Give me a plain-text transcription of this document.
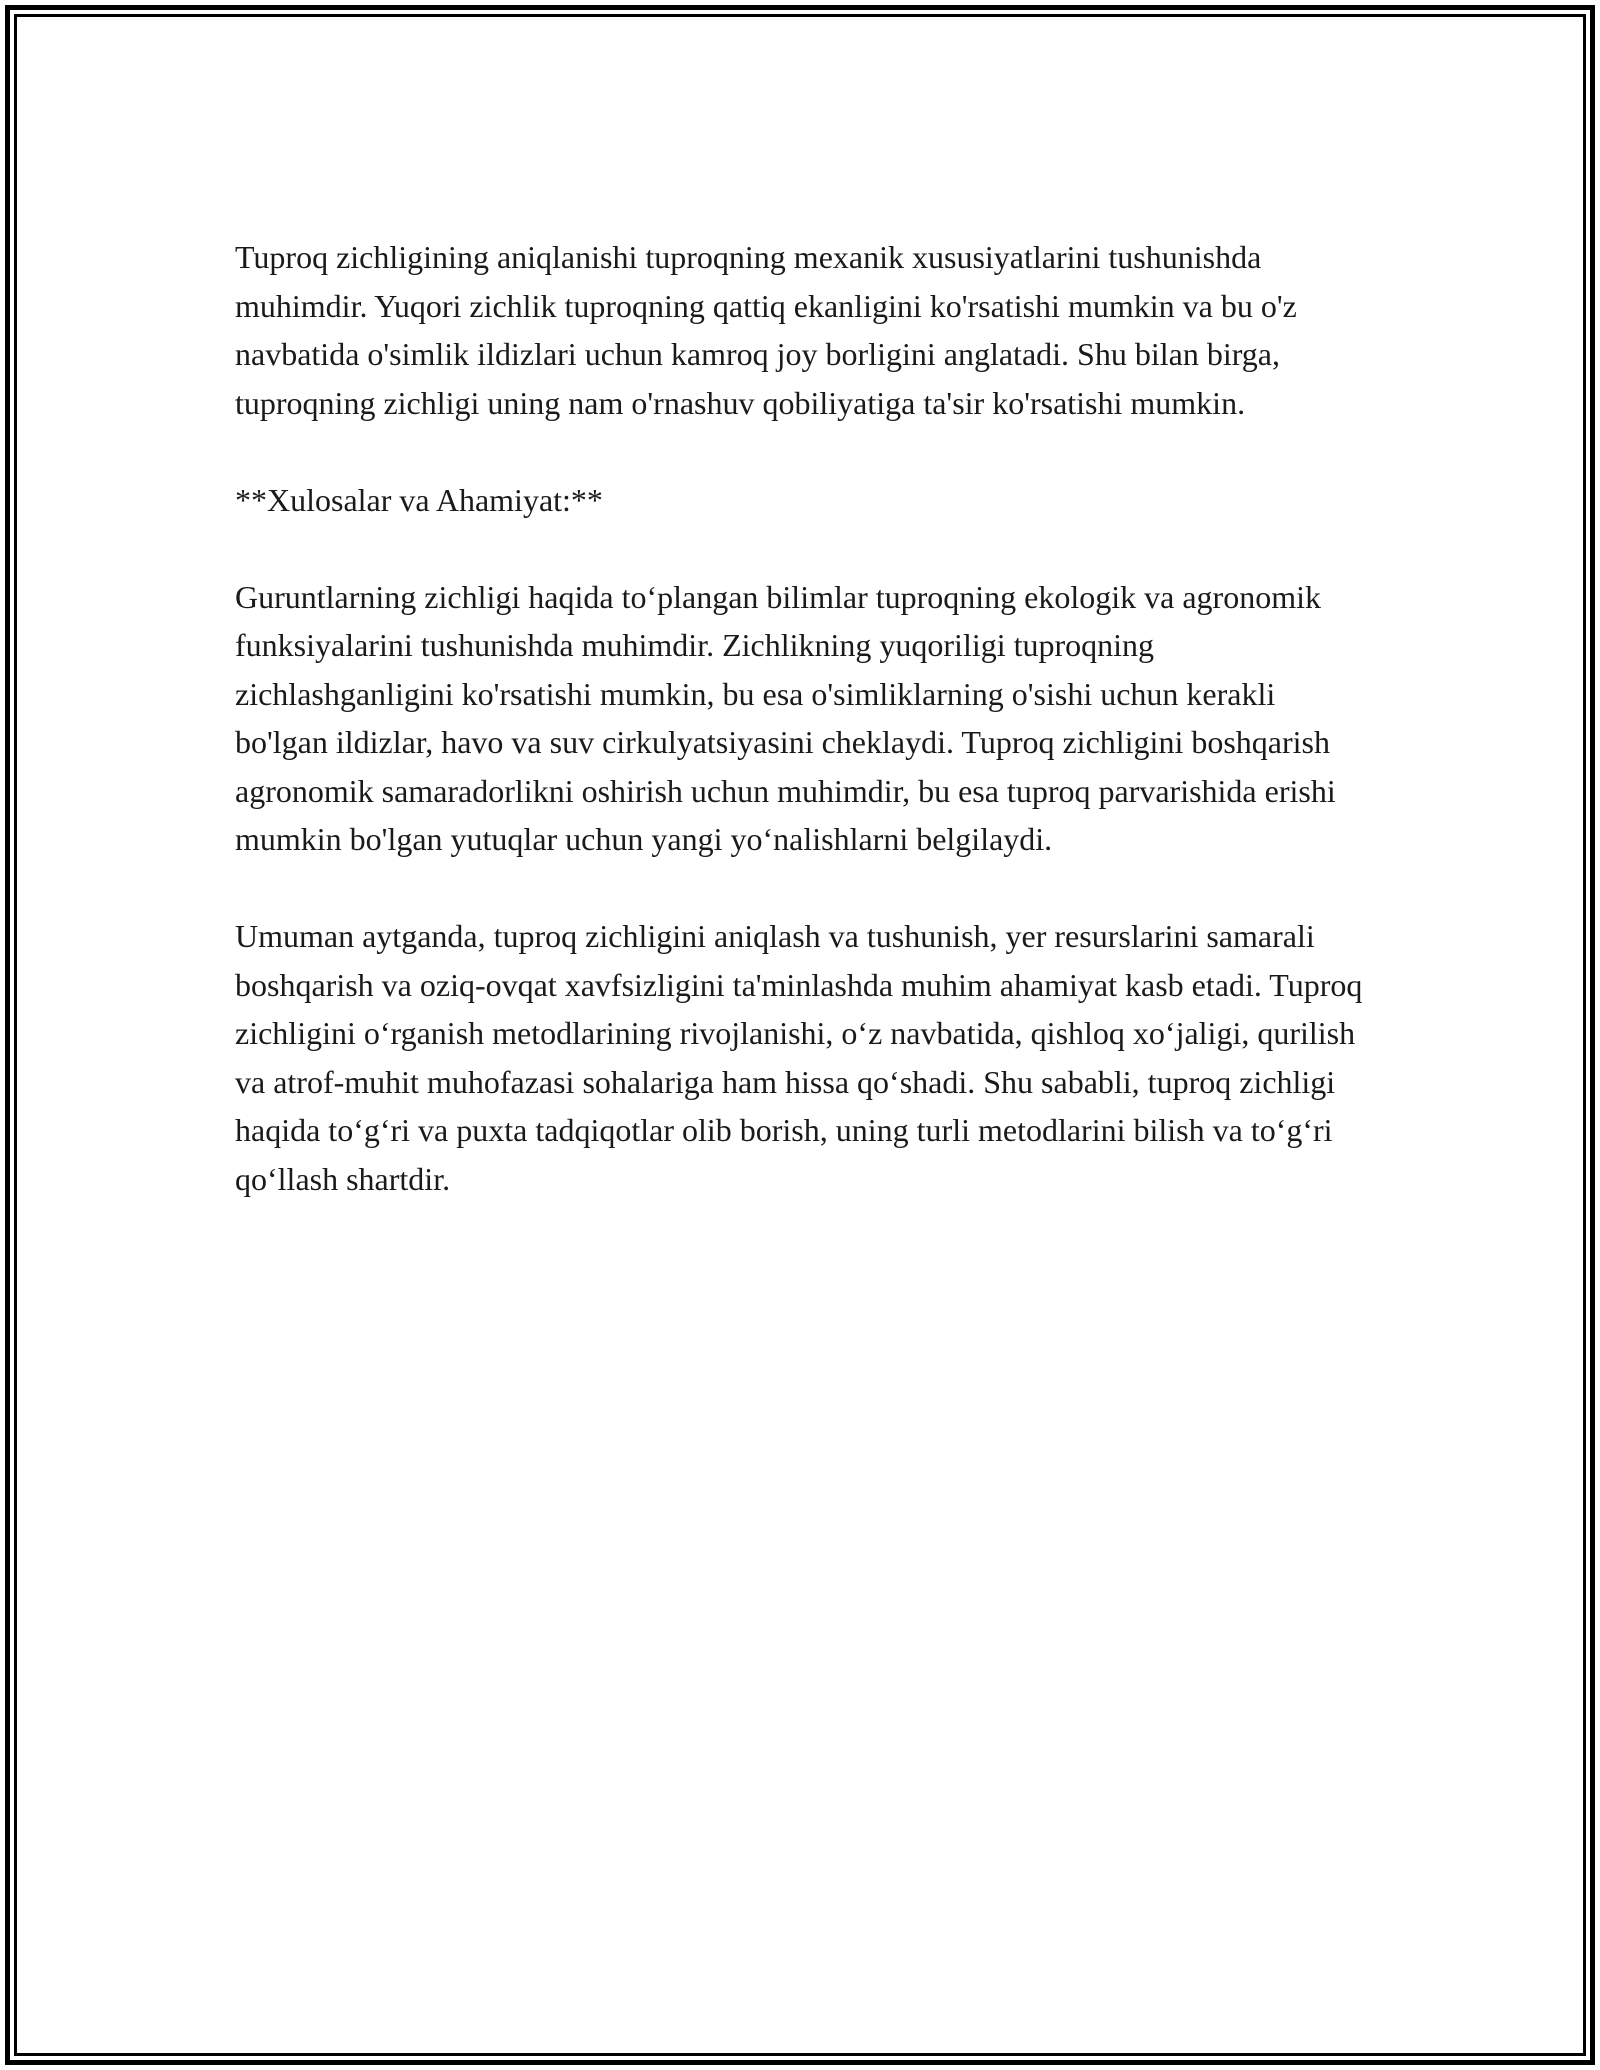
Tuproq zichligining aniqlanishi tuproqning mexanik xususiyatlarini tushunishda muhimdir. Yuqori zichlik tuproqning qattiq ekanligini ko'rsatishi mumkin va bu o'z navbatida o'simlik ildizlari uchun kamroq joy borligini anglatadi. Shu bilan birga, tuproqning zichligi uning nam o'rnashuv qobiliyatiga ta'sir ko'rsatishi mumkin.

**Xulosalar va Ahamiyat:**

Guruntlarning zichligi haqida to‘plangan bilimlar tuproqning ekologik va agronomik funksiyalarini tushunishda muhimdir. Zichlikning yuqoriligi tuproqning zichlashganligini ko'rsatishi mumkin, bu esa o'simliklarning o'sishi uchun kerakli bo'lgan ildizlar, havo va suv cirkulyatsiyasini cheklaydi. Tuproq zichligini boshqarish agronomik samaradorlikni oshirish uchun muhimdir, bu esa tuproq parvarishida erishi mumkin bo'lgan yutuqlar uchun yangi yo‘nalishlarni belgilaydi.

Umuman aytganda, tuproq zichligini aniqlash va tushunish, yer resurslarini samarali boshqarish va oziq-ovqat xavfsizligini ta'minlashda muhim ahamiyat kasb etadi. Tuproq zichligini o‘rganish metodlarining rivojlanishi, o‘z navbatida, qishloq xo‘jaligi, qurilish va atrof-muhit muhofazasi sohalariga ham hissa qo‘shadi. Shu sababli, tuproq zichligi haqida to‘g‘ri va puxta tadqiqotlar olib borish, uning turli metodlarini bilish va to‘g‘ri qo‘llash shartdir.
